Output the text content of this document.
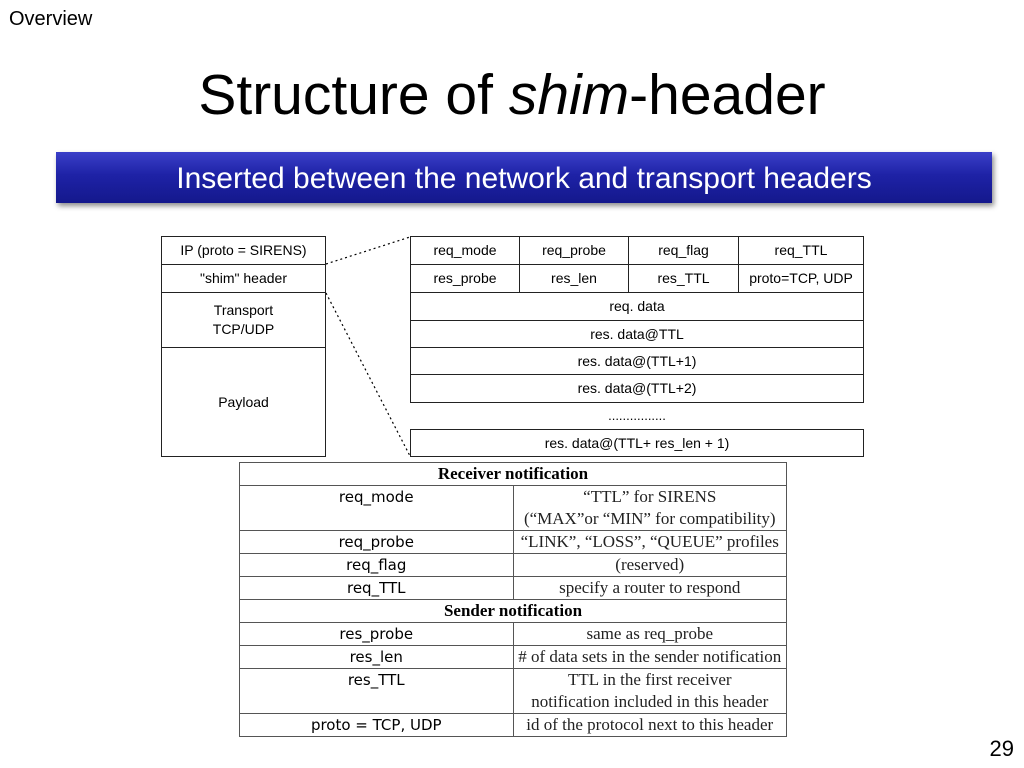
Overview
Structure of shim-header
Inserted between the network and transport headers
IP (proto = SIRENS)
"shim" header
Transport
TCP/UDP
Payload
req_mode	req_probe	req_flag	req_TTL
res_probe	res_len	res_TTL	proto=TCP, UDP
req. data
res. data@TTL
res. data@(TTL+1)
res. data@(TTL+2)
................
res. data@(TTL+ res_len + 1)
Receiver notification	
req_mode	“TTL” for SIRENS
(“MAX”or “MIN” for compatibility)

req_probe	“LINK”, “LOSS”, “QUEUE” profiles
req_flag	(reserved)
req_TTL	specify a router to respond
Sender notification	
res_probe	same as req_probe
res_len	# of data sets in the sender notification
res_TTL	TTL in the first receiver
notification included in this header

proto = TCP, UDP	id of the protocol next to this header
29
